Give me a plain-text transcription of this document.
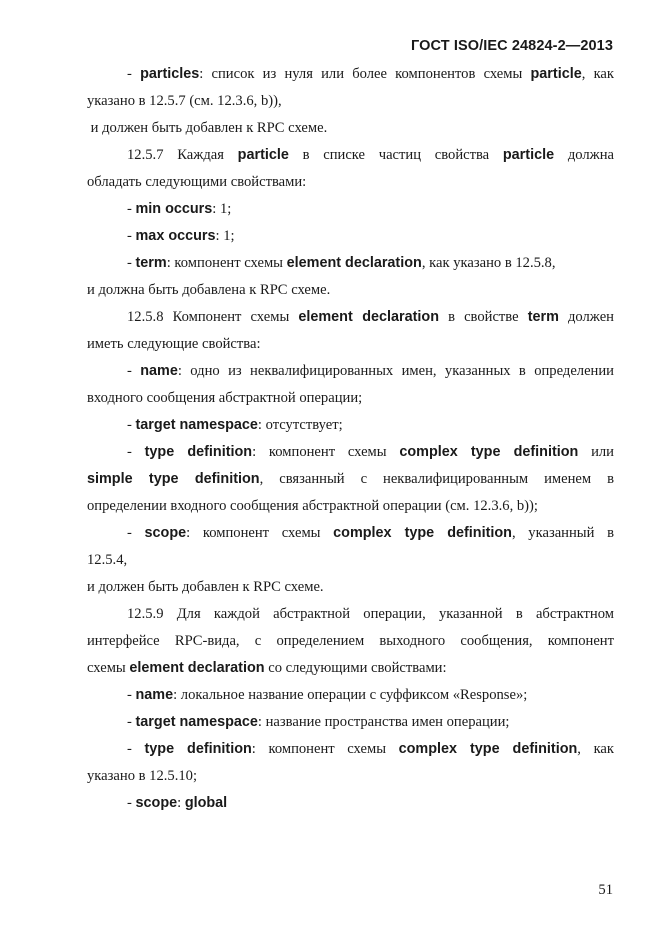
ГОСТ ISO/IEC 24824-2—2013

- particles: список из нуля или более компонентов схемы particle, как

указано в 12.5.7 (см. 12.3.6, b)),

и должен быть добавлен к RPC схеме.

12.5.7 Каждая particle в списке частиц свойства particle должна

обладать следующими свойствами:

- min occurs: 1;

- max occurs: 1;

- term: компонент схемы element declaration, как указано в 12.5.8,

и должна быть добавлена к RPC схеме.

12.5.8 Компонент схемы element declaration в свойстве term должен

иметь следующие свойства:

- name: одно из неквалифицированных имен, указанных в определении

входного сообщения абстрактной операции;

- target namespace: отсутствует;

- type definition: компонент схемы complex type definition или

simple type definition, связанный с неквалифицированным именем в

определении входного сообщения абстрактной операции (см. 12.3.6, b));

- scope: компонент схемы complex type definition, указанный в

12.5.4,

и должен быть добавлен к RPC схеме.

12.5.9 Для каждой абстрактной операции, указанной в абстрактном

интерфейсе RPC-вида, с определением выходного сообщения, компонент

схемы element declaration со следующими свойствами:

- name: локальное название операции с суффиксом «Response»;

- target namespace: название пространства имен операции;

- type definition: компонент схемы complex type definition, как

указано в 12.5.10;

- scope: global

51
